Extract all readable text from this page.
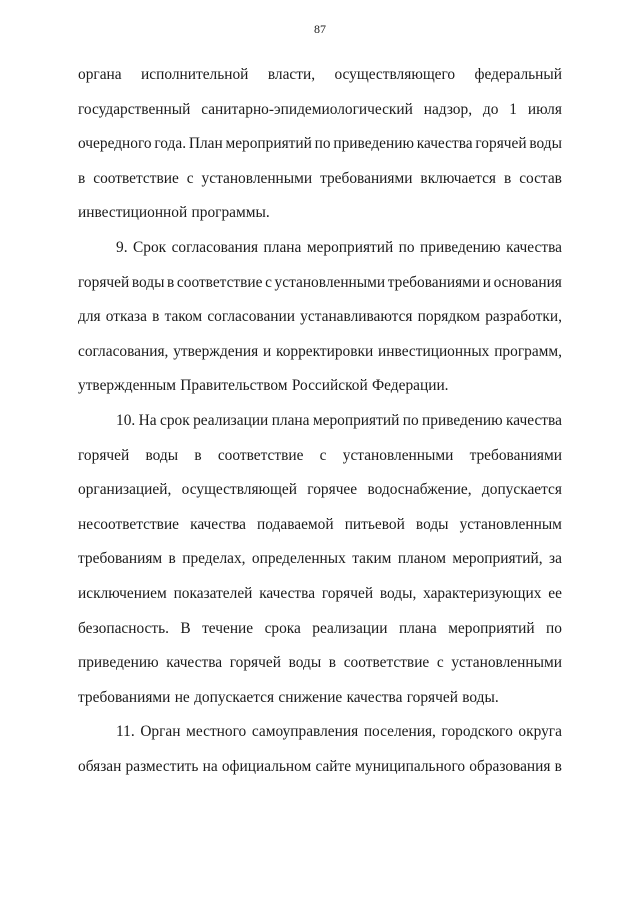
87
органа исполнительной власти, осуществляющего федеральный
государственный санитарно-эпидемиологический надзор, до 1 июля
очередного года. План мероприятий по приведению качества горячей воды
в соответствие с установленными требованиями включается в состав
инвестиционной программы.
9. Срок согласования плана мероприятий по приведению качества
горячей воды в соответствие с установленными требованиями и основания
для отказа в таком согласовании устанавливаются порядком разработки,
согласования, утверждения и корректировки инвестиционных программ,
утвержденным Правительством Российской Федерации.
10. На срок реализации плана мероприятий по приведению качества
горячей воды в соответствие с установленными требованиями
организацией, осуществляющей горячее водоснабжение, допускается
несоответствие качества подаваемой питьевой воды установленным
требованиям в пределах, определенных таким планом мероприятий, за
исключением показателей качества горячей воды, характеризующих ее
безопасность. В течение срока реализации плана мероприятий по
приведению качества горячей воды в соответствие с установленными
требованиями не допускается снижение качества горячей воды.
11. Орган местного самоуправления поселения, городского округа
обязан разместить на официальном сайте муниципального образования в
